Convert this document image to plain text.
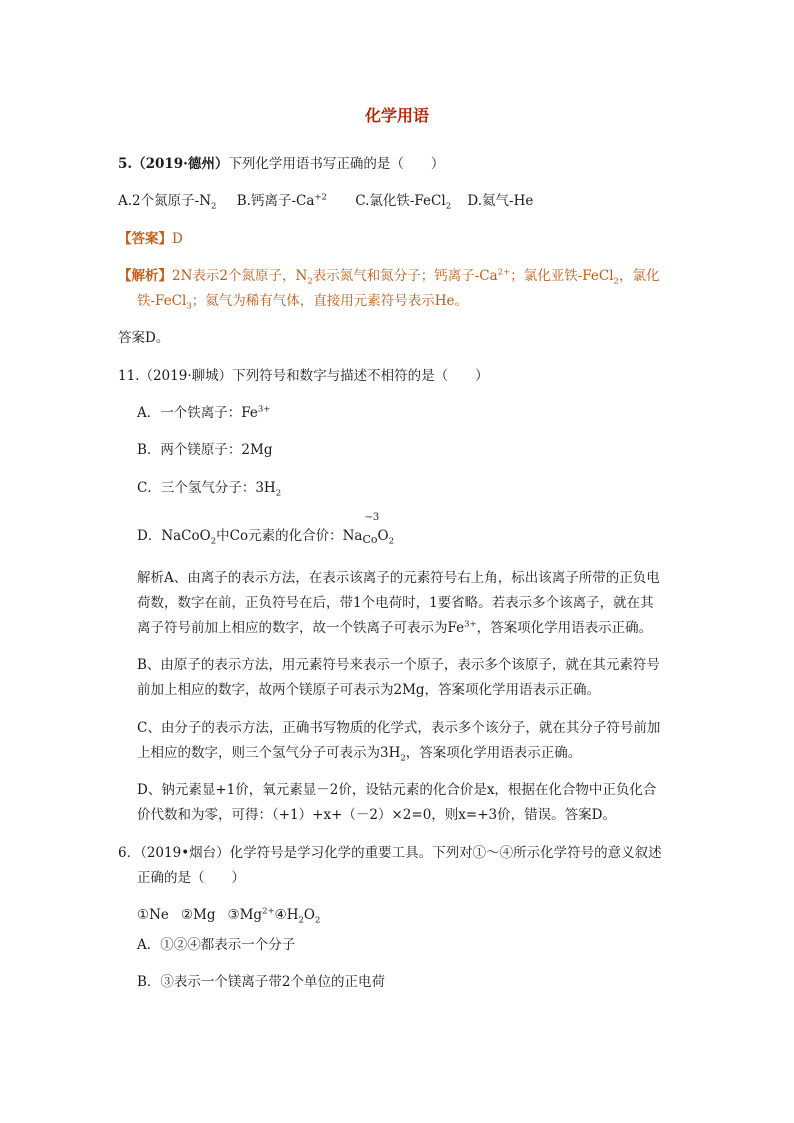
化学用语
5.（2019·德州）下列化学用语书写正确的是（　　）
A.2个氮原子$-N_2$ B.钙离子$-Ca^{+2}$ C.氯化铁-FeCl$_2$ D.氦气-He
【答案】D
【解析】2N表示2个氮原子，$N_2$表示氮气和氮分子；钙离子$-Ca^{2+}$；氯化亚铁-FeCl$_2$，氯化
铁-FeCl$_3$；氦气为稀有气体，直接用元素符号表示He。
答案D。
11.（2019·聊城）下列符号和数字与描述不相符的是（　　）
A．一个铁离子：$Fe^{3+}$
B．两个镁原子：2Mg
C．三个氢气分子：$3H_2$
D．NaCoO$_2$中Co元素的化合价：Na
−3
$_{Co}O_2$
解析A、由离子的表示方法，在表示该离子的元素符号右上角，标出该离子所带的正负电
荷数，数字在前，正负符号在后，带1个电荷时，1要省略。若表示多个该离子，就在其
离子符号前加上相应的数字，故一个铁离子可表示为$Fe^{3+}$，答案项化学用语表示正确。
B、由原子的表示方法，用元素符号来表示一个原子，表示多个该原子，就在其元素符号
前加上相应的数字，故两个镁原子可表示为2Mg，答案项化学用语表示正确。
C、由分子的表示方法，正确书写物质的化学式，表示多个该分子，就在其分子符号前加
上相应的数字，则三个氢气分子可表示为$3H_2$，答案项化学用语表示正确。
D、钠元素显+1价，氧元素显－2价，设钴元素的化合价是x，根据在化合物中正负化合
价代数和为零，可得：（+1）+x+（－2）×2=0，则x=+3价，错误。答案D。
6．（2019•烟台）化学符号是学习化学的重要工具。下列对①～④所示化学符号的意义叙述
正确的是（　　）
①Ne ②Mg $③Mg^{2+}④H_2O_2$
A．①②④都表示一个分子
B．③表示一个镁离子带2个单位的正电荷
